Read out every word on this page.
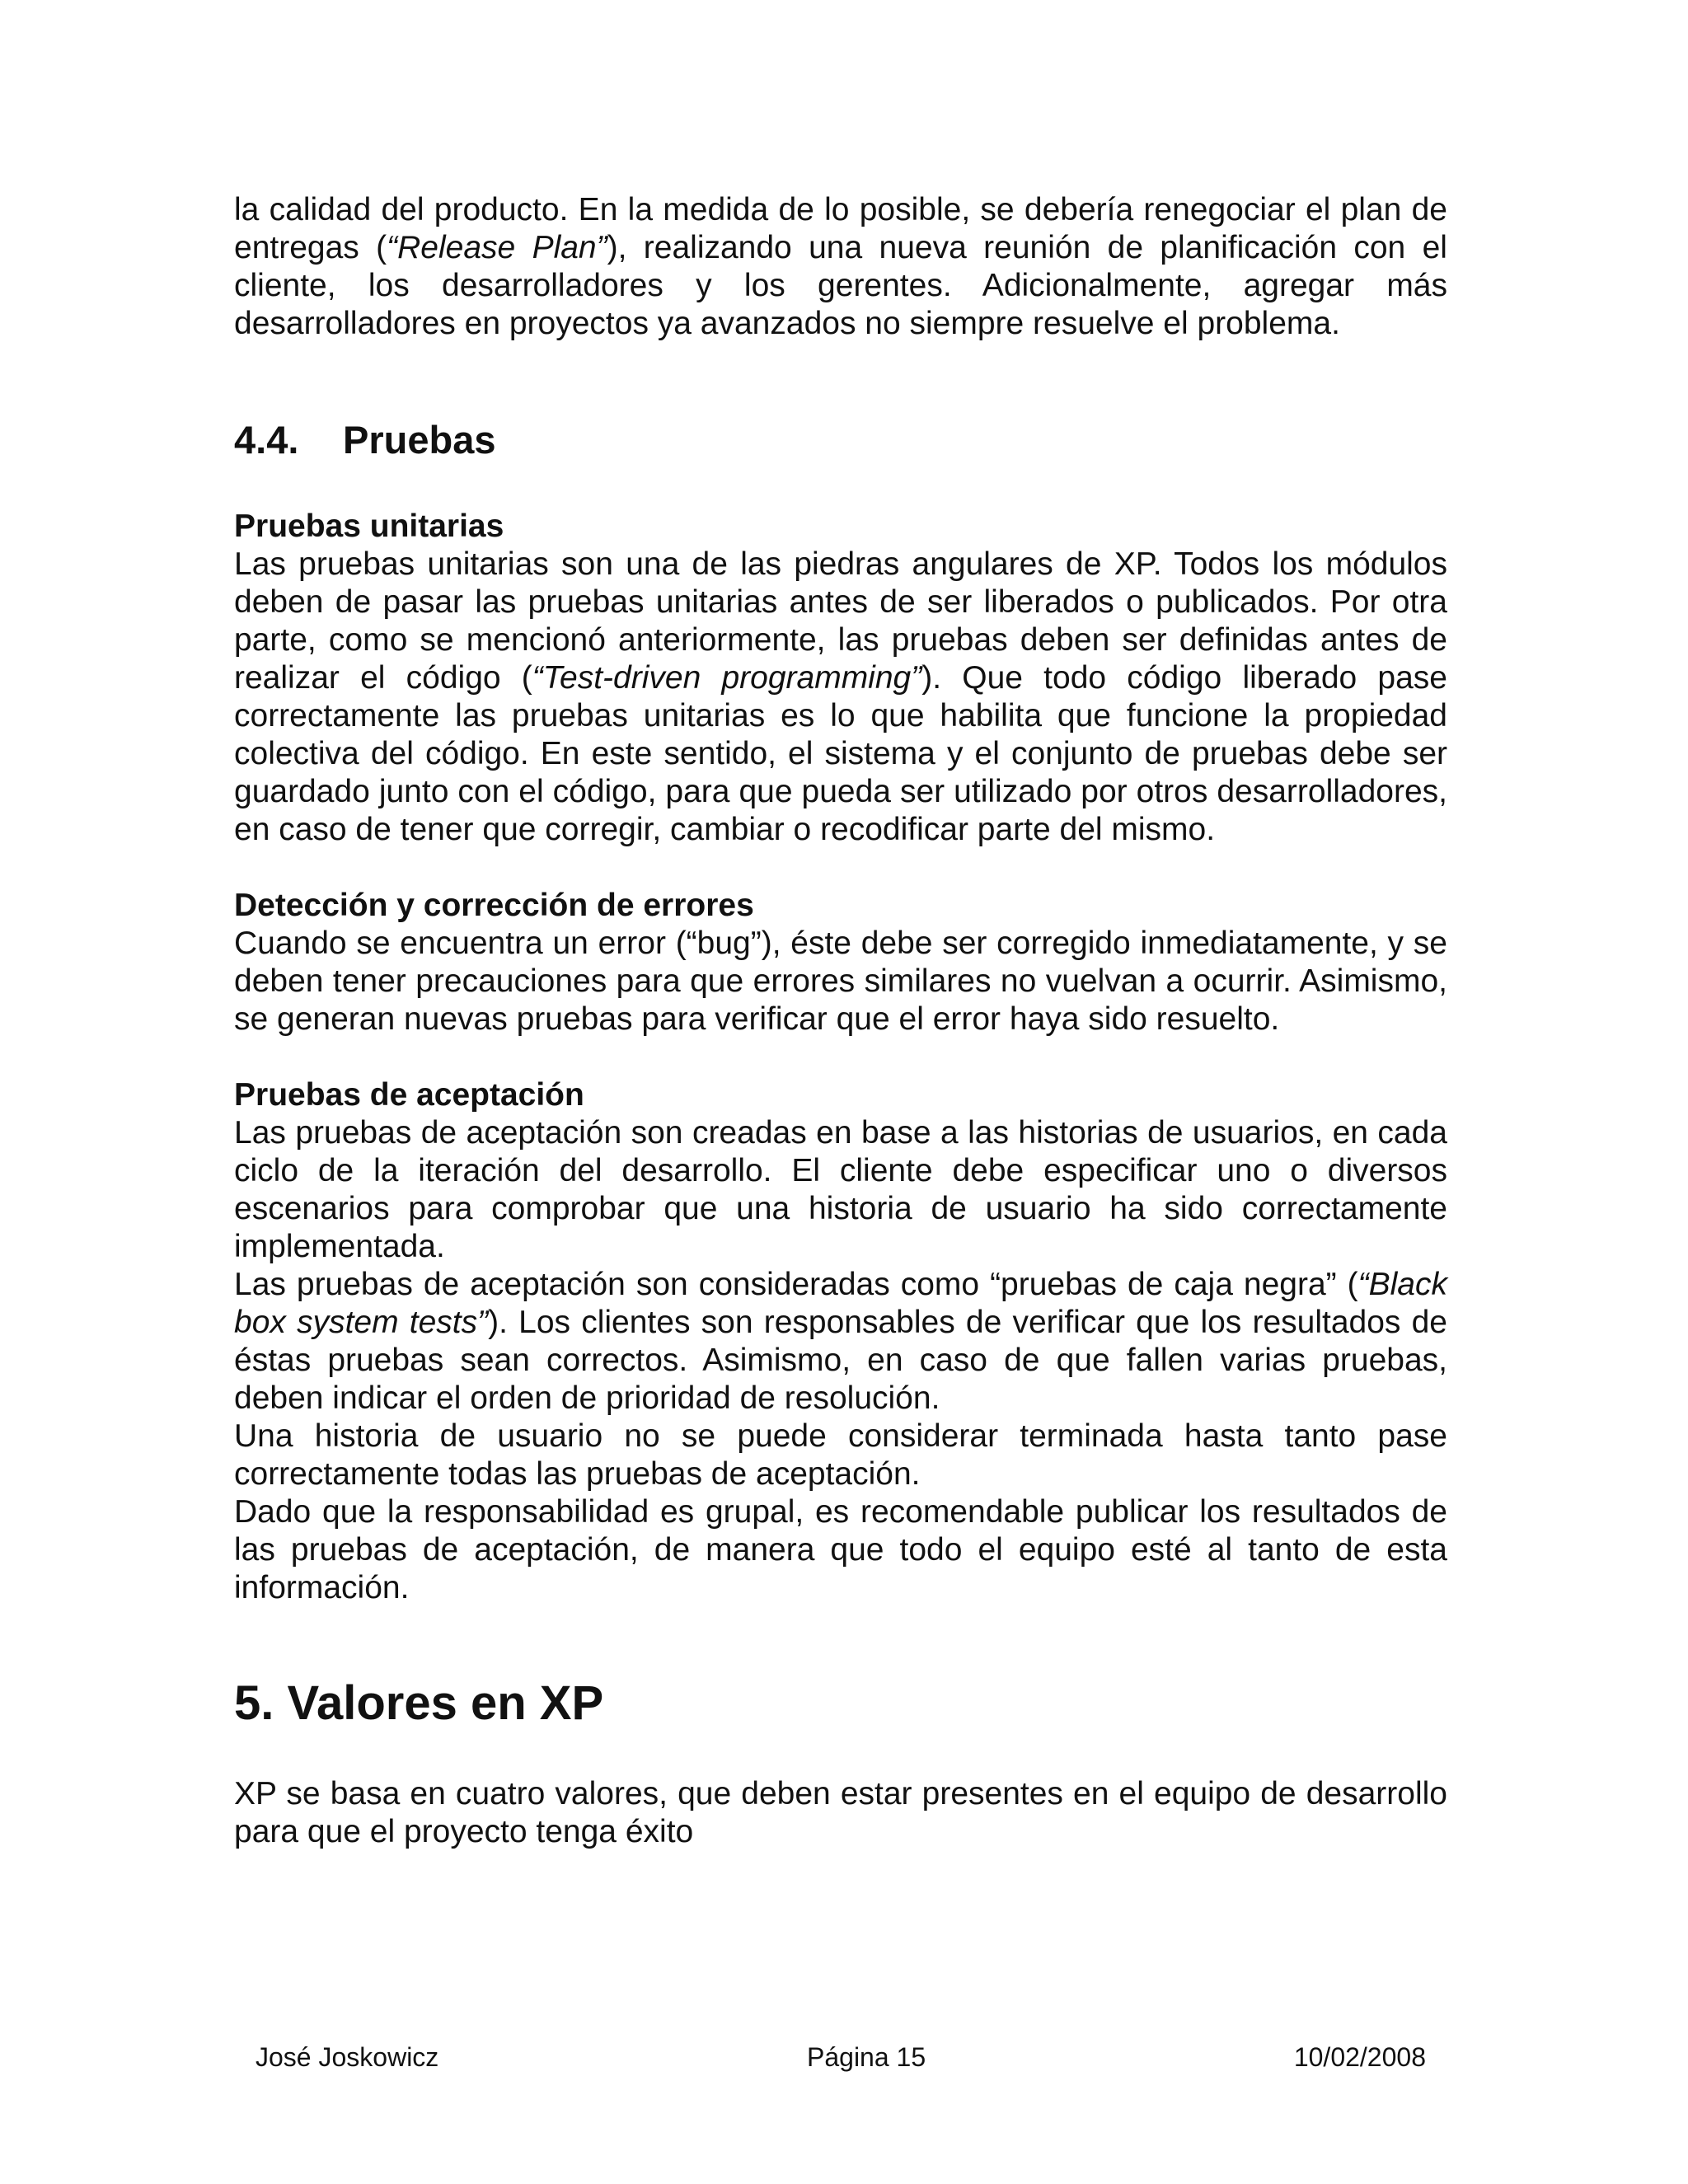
la calidad del producto. En la medida de lo posible, se debería renegociar el plan de entregas (“Release Plan”), realizando una nueva reunión de planificación con el cliente, los desarrolladores y los gerentes. Adicionalmente, agregar más desarrolladores en proyectos ya avanzados no siempre resuelve el problema.

4.4.	Pruebas
Pruebas unitarias

Las pruebas unitarias son una de las piedras angulares de XP. Todos los módulos deben de pasar las pruebas unitarias antes de ser liberados o publicados. Por otra parte, como se mencionó anteriormente, las pruebas deben ser definidas antes de realizar el código (“Test-driven programming”). Que todo código liberado pase correctamente las pruebas unitarias es lo que habilita que funcione la propiedad colectiva del código. En este sentido, el sistema y el conjunto de pruebas debe ser guardado junto con el código, para que pueda ser utilizado por otros desarrolladores, en caso de tener que corregir, cambiar o recodificar parte del mismo.

Detección y corrección de errores

Cuando se encuentra un error (“bug”), éste debe ser corregido inmediatamente, y se deben tener precauciones para que errores similares no vuelvan a ocurrir. Asimismo, se generan nuevas pruebas para verificar que el error haya sido resuelto.

Pruebas de aceptación

Las pruebas de aceptación son creadas en base a las historias de usuarios, en cada ciclo de la iteración del desarrollo. El cliente debe especificar uno o diversos escenarios para comprobar que una historia de usuario ha sido correctamente implementada.

Las pruebas de aceptación son consideradas como “pruebas de caja negra” (“Black box system tests”). Los clientes son responsables de verificar que los resultados de éstas pruebas sean correctos. Asimismo, en caso de que fallen varias pruebas, deben indicar el orden de prioridad de resolución.

Una historia de usuario no se puede considerar terminada hasta tanto pase correctamente todas las pruebas de aceptación.

Dado que la responsabilidad es grupal, es recomendable publicar los resultados de las pruebas de aceptación, de manera que todo el equipo esté al tanto de esta información.

5. Valores en XP

XP se basa en cuatro valores, que deben estar presentes en el equipo de desarrollo para que el proyecto tenga éxito

José Joskowicz	Página 15	10/02/2008
